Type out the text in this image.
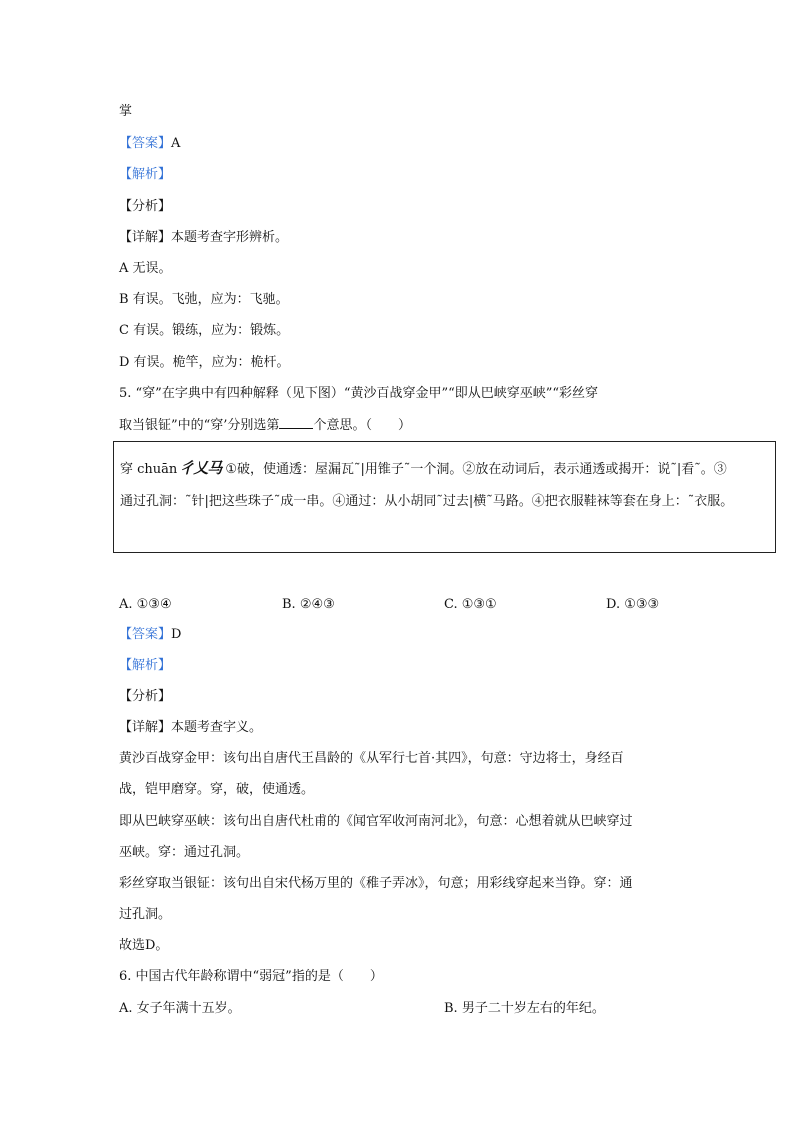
掌
【答案】A
【解析】
【分析】
【详解】本题考查字形辨析。
A 无误。
B 有误。飞弛，应为：飞驰。
C 有误。锻练，应为：锻炼。
D 有误。桅竿，应为：桅杆。
5. “穿”在字典中有四种解释（见下图）“黄沙百战穿金甲”“即从巴峡穿巫峡”“彩丝穿
取当银钲”中的“穿’分别选第	个意思。（　　）
穿 chuān 彳乂马 ①破，使通透：屋漏瓦˜|用锥子˜一个洞。②放在动词后，表示通透或揭开：说˜|看˜。③
通过孔洞：˜针|把这些珠子˜成一串。④通过：从小胡同˜过去|横˜马路。④把衣服鞋袜等套在身上：˜衣服。
A. ①③④	B. ②④③	C. ①③①	D. ①③③
【答案】D
【解析】
【分析】
【详解】本题考查字义。
黄沙百战穿金甲：该句出自唐代王昌龄的《从军行七首·其四》，句意：守边将士，身经百
战，铠甲磨穿。穿，破，使通透。
即从巴峡穿巫峡：该句出自唐代杜甫的《闻官军收河南河北》，句意：心想着就从巴峡穿过
巫峡。穿：通过孔洞。
彩丝穿取当银钲：该句出自宋代杨万里的《稚子弄冰》，句意；用彩线穿起来当铮。穿：通
过孔洞。
故选D。
6. 中国古代年龄称谓中“弱冠”指的是（　　）
A. 女子年满十五岁。	B. 男子二十岁左右的年纪。
